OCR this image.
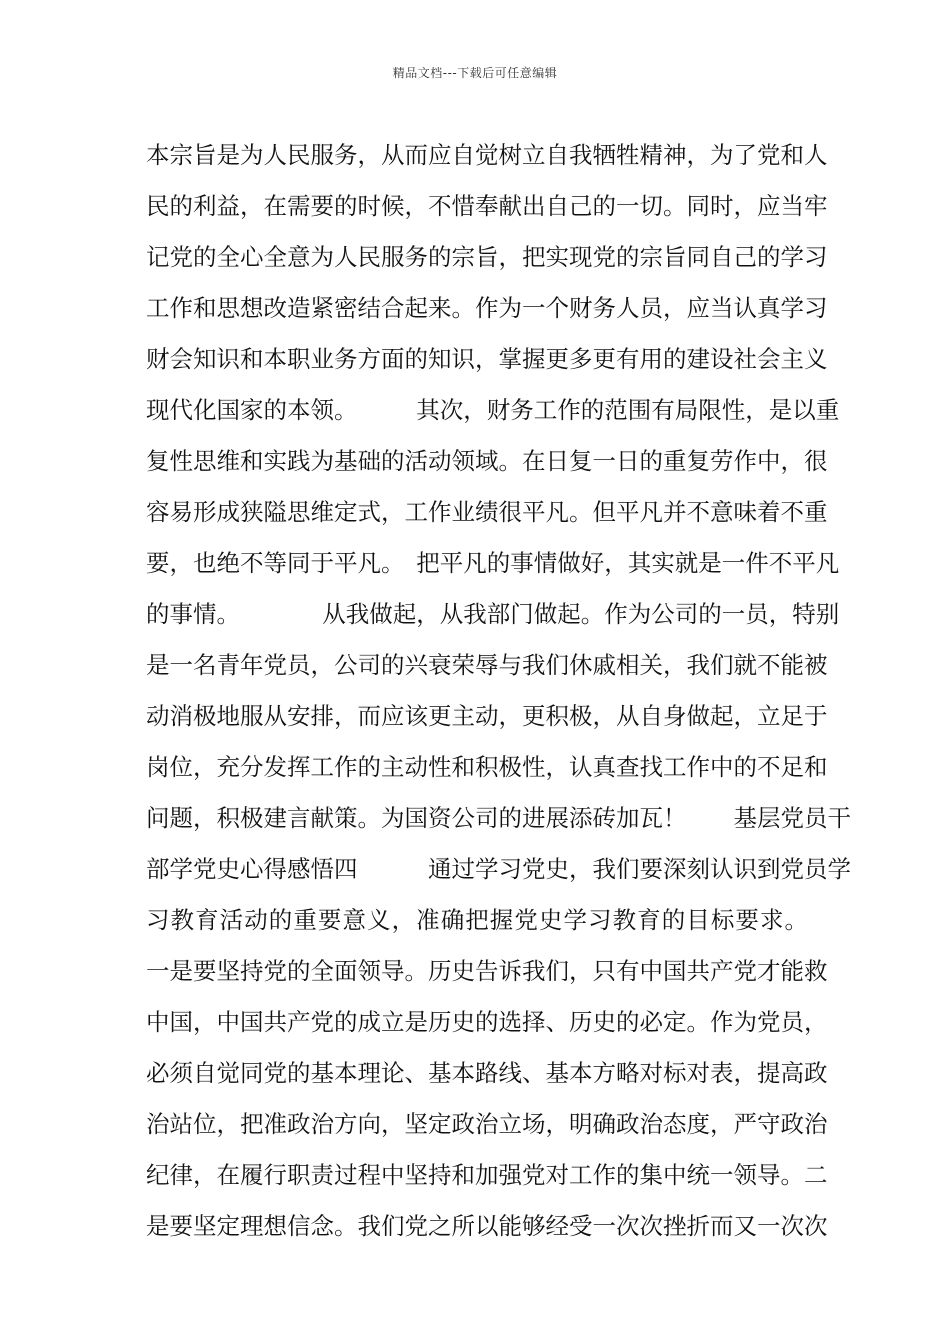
精品文档---下载后可任意编辑
本宗旨是为人民服务，从而应自觉树立自我牺牲精神，为了党和人
民的利益，在需要的时候，不惜奉献出自己的一切。同时，应当牢
记党的全心全意为人民服务的宗旨，把实现党的宗旨同自己的学习
工作和思想改造紧密结合起来。作为一个财务人员，应当认真学习
财会知识和本职业务方面的知识，掌握更多更有用的建设社会主义
现代化国家的本领。　　　其次，财务工作的范围有局限性，是以重
复性思维和实践为基础的活动领域。在日复一日的重复劳作中，很
容易形成狭隘思维定式，工作业绩很平凡。但平凡并不意味着不重
要，也绝不等同于平凡。　把平凡的事情做好，其实就是一件不平凡
的事情。　　　　从我做起，从我部门做起。作为公司的一员，特别
是一名青年党员，公司的兴衰荣辱与我们休戚相关，我们就不能被
动消极地服从安排，而应该更主动，更积极，从自身做起，立足于
岗位，充分发挥工作的主动性和积极性，认真查找工作中的不足和
问题，积极建言献策。为国资公司的进展添砖加瓦！　　基层党员干
部学党史心得感悟四　　　通过学习党史，我们要深刻认识到党员学
习教育活动的重要意义，准确把握党史学习教育的目标要求。
一是要坚持党的全面领导。历史告诉我们，只有中国共产党才能救
中国，中国共产党的成立是历史的选择、历史的必定。作为党员，
必须自觉同党的基本理论、基本路线、基本方略对标对表，提高政
治站位，把准政治方向，坚定政治立场，明确政治态度，严守政治
纪律，在履行职责过程中坚持和加强党对工作的集中统一领导。二
是要坚定理想信念。我们党之所以能够经受一次次挫折而又一次次
